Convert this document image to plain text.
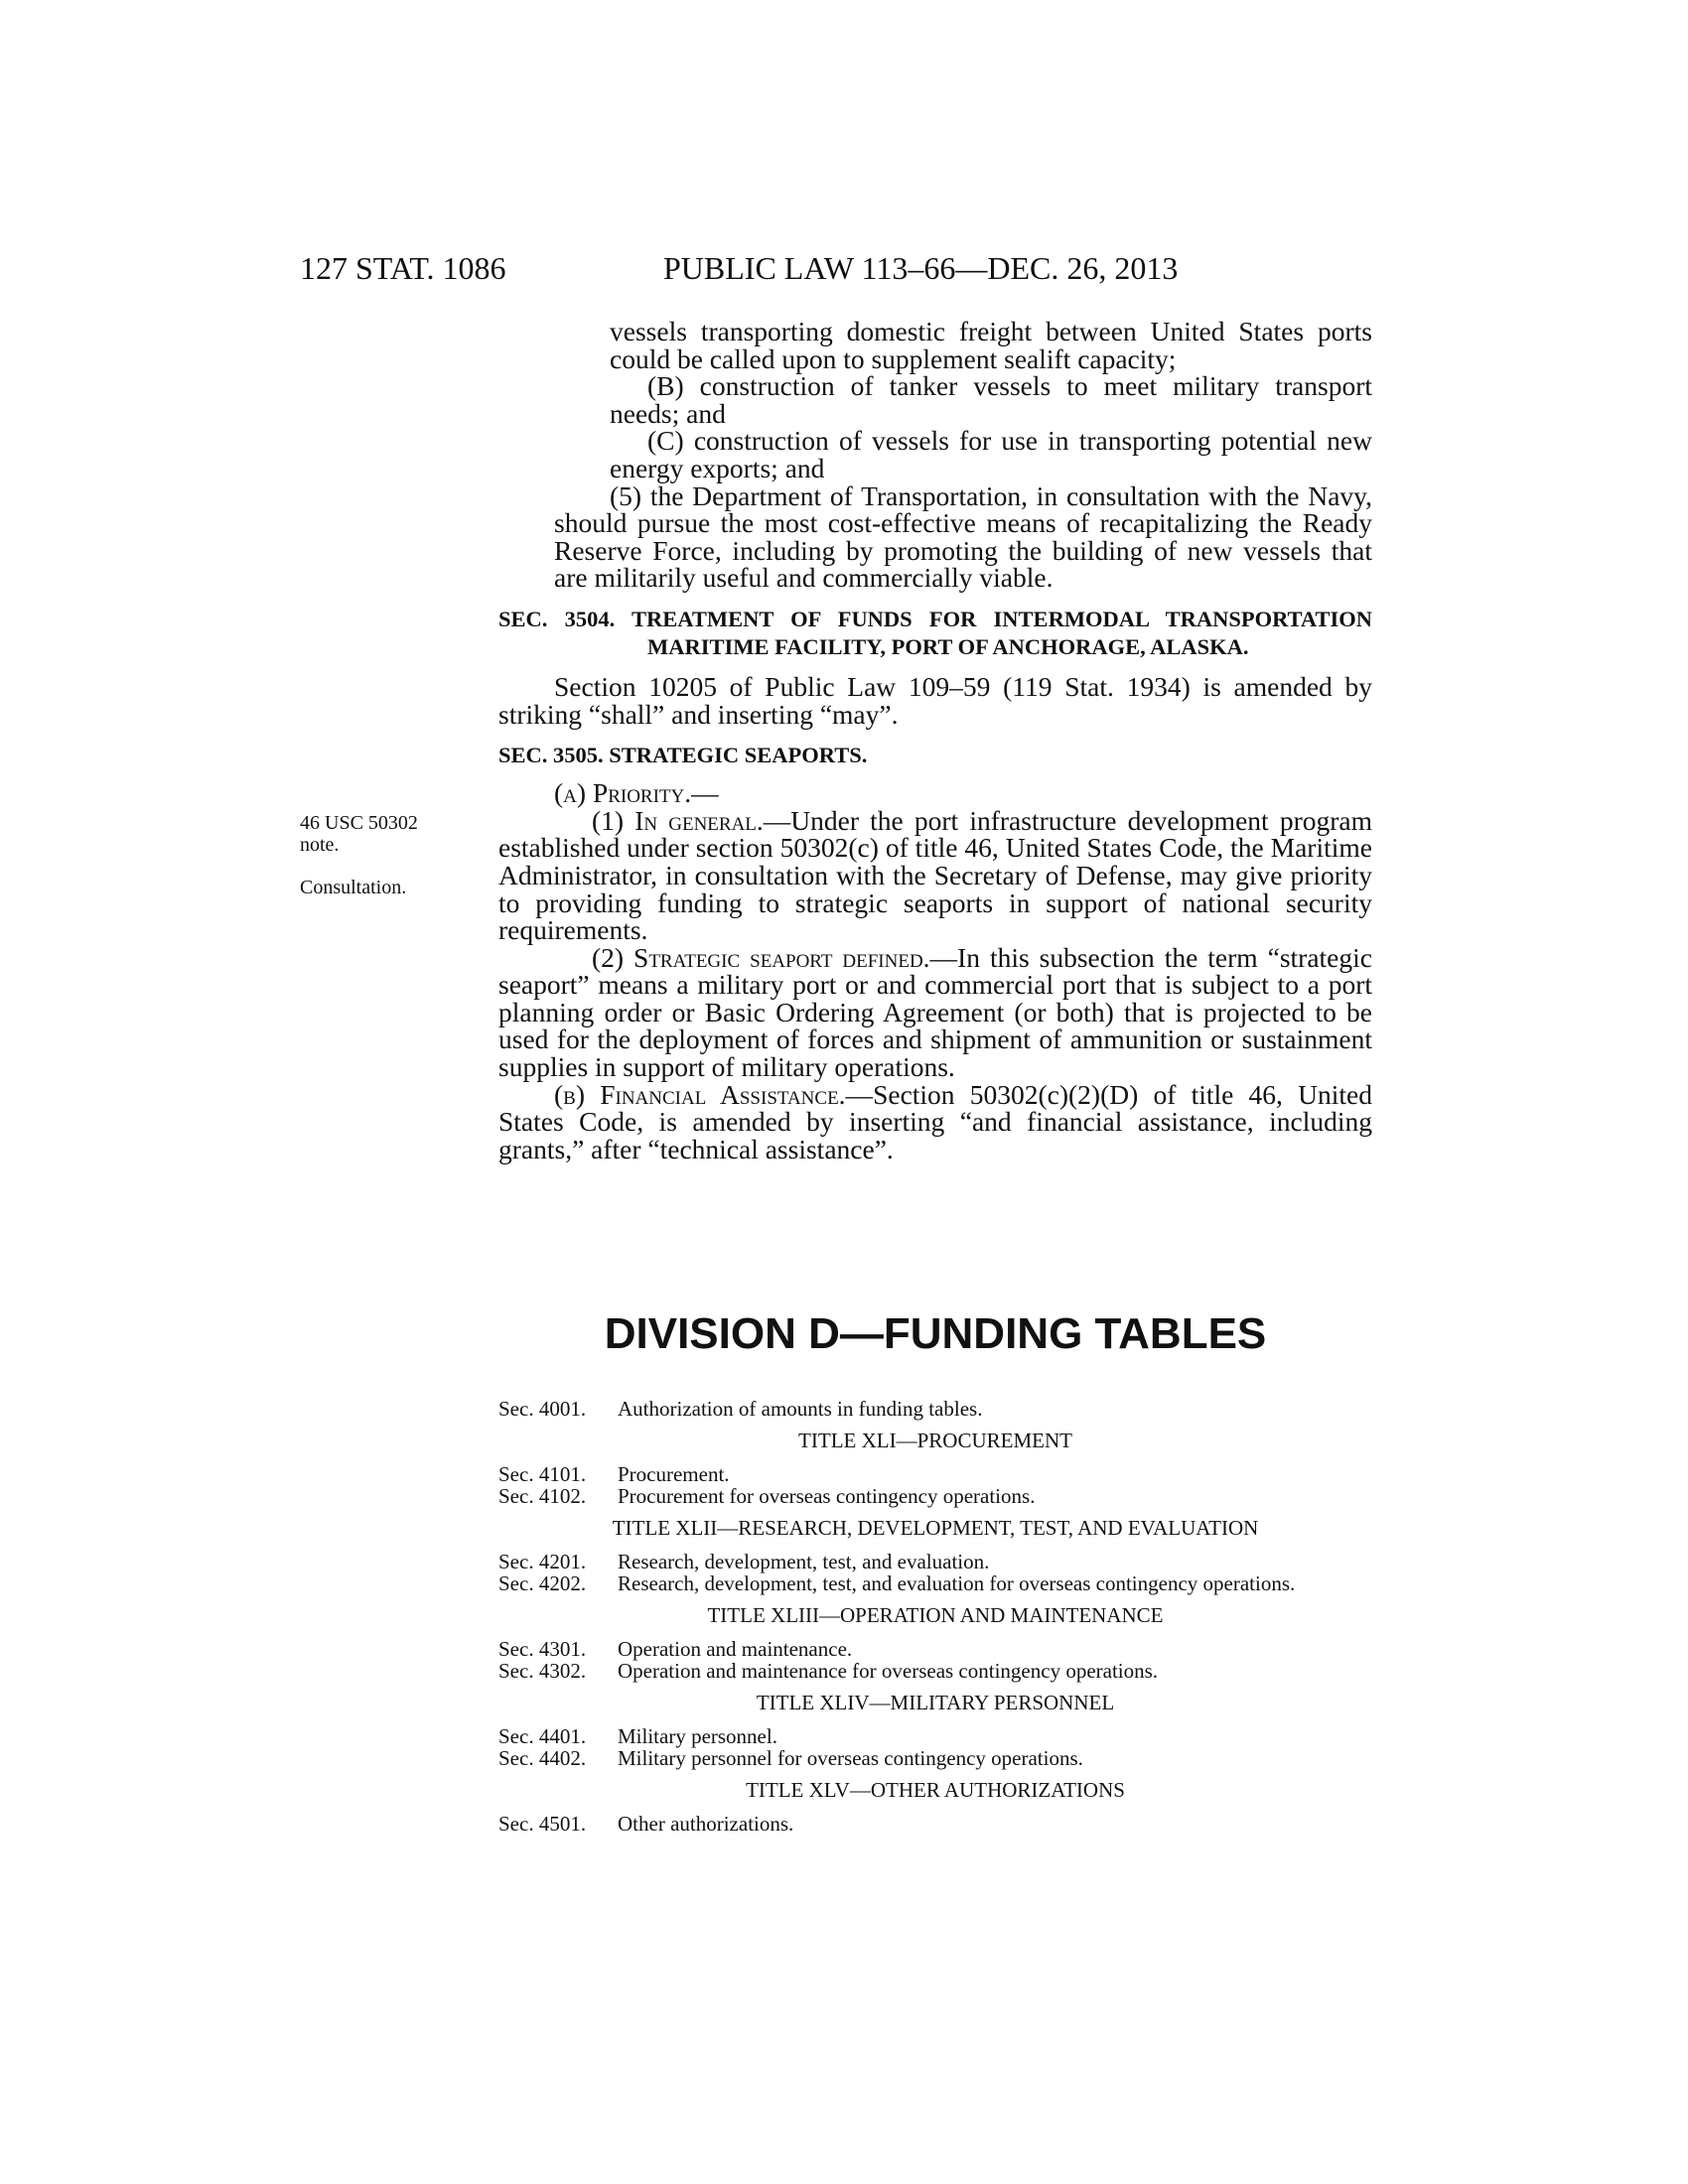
127 STAT. 1086	PUBLIC LAW 113–66—DEC. 26, 2013
46 USC 50302 note.
Consultation.

vessels transporting domestic freight between United States ports could be called upon to supplement sealift capacity;

(B) construction of tanker vessels to meet military transport needs; and

(C) construction of vessels for use in transporting potential new energy exports; and

(5) the Department of Transportation, in consultation with the Navy, should pursue the most cost-effective means of recapitalizing the Ready Reserve Force, including by promoting the building of new vessels that are militarily useful and commercially viable.

SEC. 3504. TREATMENT OF FUNDS FOR INTERMODAL TRANSPORTATION MARITIME FACILITY, PORT OF ANCHORAGE, ALASKA.

Section 10205 of Public Law 109–59 (119 Stat. 1934) is amended by striking “shall” and inserting “may”.

SEC. 3505. STRATEGIC SEAPORTS.

(a) Priority.—

(1) In general.—Under the port infrastructure development program established under section 50302(c) of title 46, United States Code, the Maritime Administrator, in consultation with the Secretary of Defense, may give priority to providing funding to strategic seaports in support of national security requirements.

(2) Strategic seaport defined.—In this subsection the term “strategic seaport” means a military port or and commercial port that is subject to a port planning order or Basic Ordering Agreement (or both) that is projected to be used for the deployment of forces and shipment of ammunition or sustainment supplies in support of military operations.

(b) Financial Assistance.—Section 50302(c)(2)(D) of title 46, United States Code, is amended by inserting “and financial assistance, including grants,” after “technical assistance”.

DIVISION D—FUNDING TABLES
Sec. 4001.	Authorization of amounts in funding tables.
TITLE XLI—PROCUREMENT
Sec. 4101.	Procurement.
Sec. 4102.	Procurement for overseas contingency operations.
TITLE XLII—RESEARCH, DEVELOPMENT, TEST, AND EVALUATION
Sec. 4201.	Research, development, test, and evaluation.
Sec. 4202.	Research, development, test, and evaluation for overseas contingency operations.
TITLE XLIII—OPERATION AND MAINTENANCE
Sec. 4301.	Operation and maintenance.
Sec. 4302.	Operation and maintenance for overseas contingency operations.
TITLE XLIV—MILITARY PERSONNEL
Sec. 4401.	Military personnel.
Sec. 4402.	Military personnel for overseas contingency operations.
TITLE XLV—OTHER AUTHORIZATIONS
Sec. 4501.	Other authorizations.
